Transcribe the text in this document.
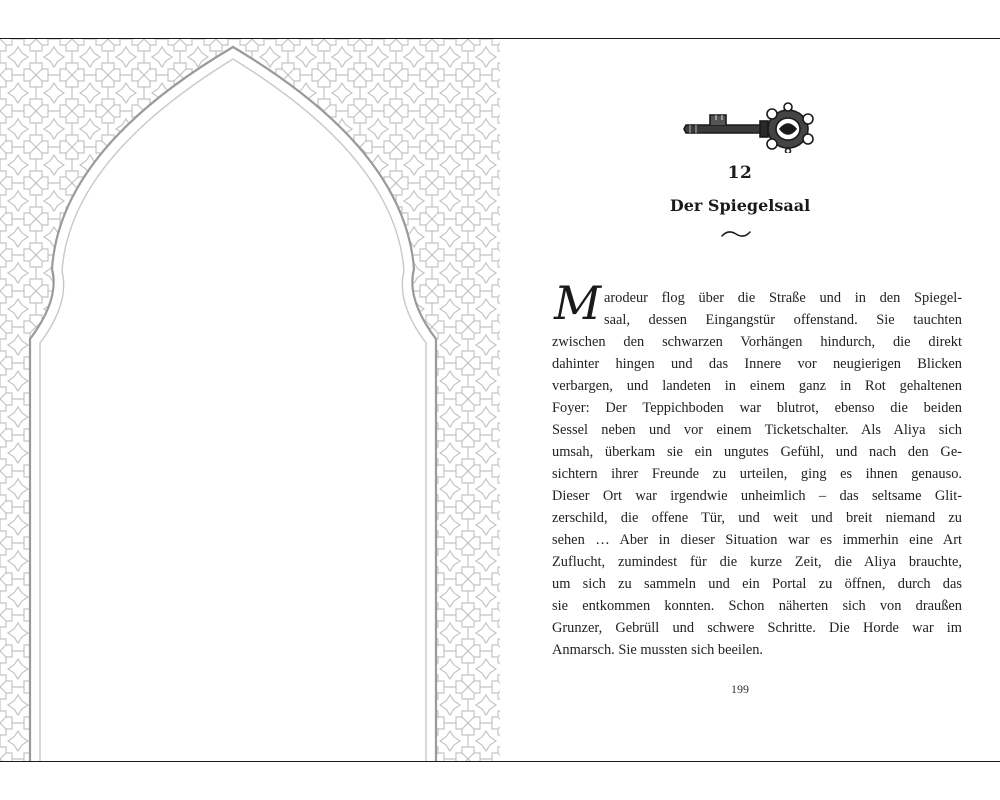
12
Der Spiegelsaal
M arodeur flog über die Straße und in den Spiegel-
saal, dessen Eingangstür offenstand. Sie tauchten
zwischen den schwarzen Vorhängen hindurch, die direkt
dahinter hingen und das Innere vor neugierigen Blicken
verbargen, und landeten in einem ganz in Rot gehaltenen
Foyer: Der Teppichboden war blutrot, ebenso die beiden
Sessel neben und vor einem Ticketschalter. Als Aliya sich
umsah, überkam sie ein ungutes Gefühl, und nach den Ge-
sichtern ihrer Freunde zu urteilen, ging es ihnen genauso.
Dieser Ort war irgendwie unheimlich – das seltsame Glit-
zerschild, die offene Tür, und weit und breit niemand zu
sehen … Aber in dieser Situation war es immerhin eine Art
Zuflucht, zumindest für die kurze Zeit, die Aliya brauchte,
um sich zu sammeln und ein Portal zu öffnen, durch das
sie entkommen konnten. Schon näherten sich von draußen
Grunzer, Gebrüll und schwere Schritte. Die Horde war im
Anmarsch. Sie mussten sich beeilen.
199
